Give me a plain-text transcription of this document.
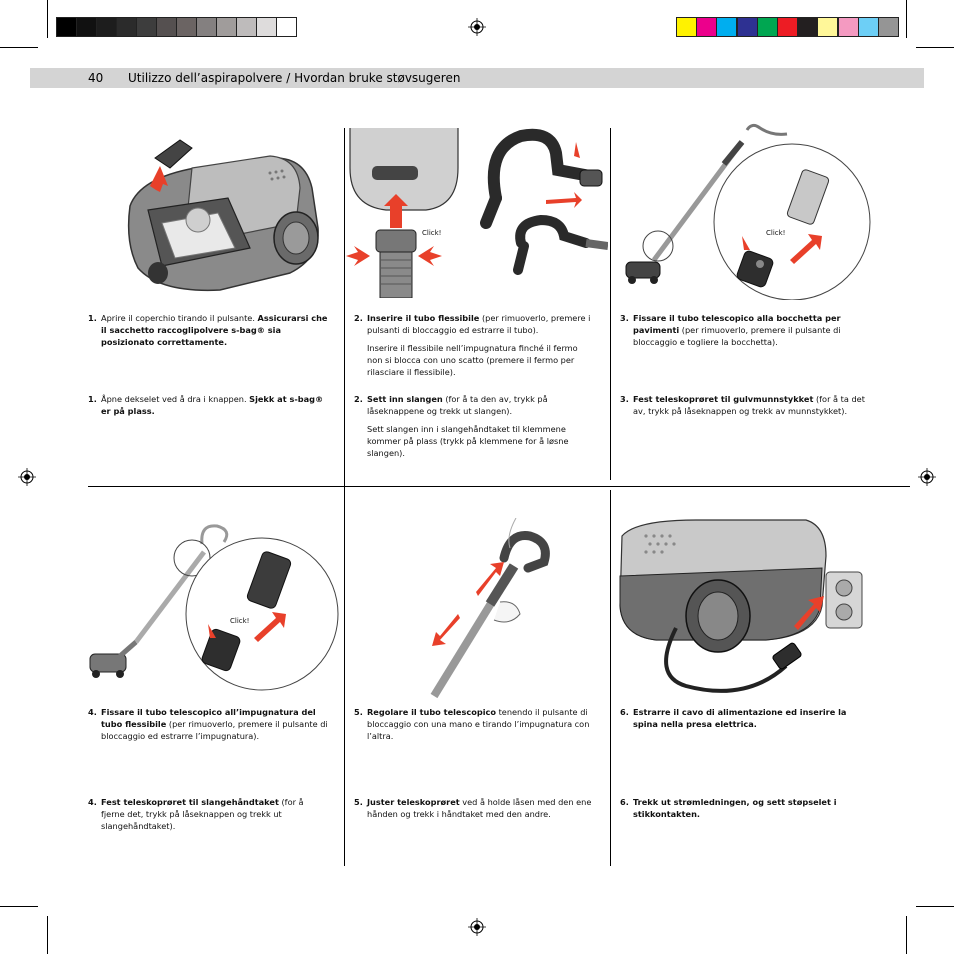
40 Utilizzo dell’aspirapolvere / Hvordan bruke støvsugeren
Click!	Click!
Click!
1. Aprire il coperchio tirando il pulsante. Assicurarsi che il sacchetto raccoglipolvere s-bag® sia posizionato correttamente.
1. Åpne dekselet ved å dra i knappen. Sjekk at s-bag® er på plass.
2. Inserire il tubo flessibile (per rimuoverlo, premere i pulsanti di bloccaggio ed estrarre il tubo).

Inserire il flessibile nell’impugnatura finché il fermo non si blocca con uno scatto (premere il fermo per rilasciare il flessibile).

2. Sett inn slangen (for å ta den av, trykk på låseknappene og trekk ut slangen).

Sett slangen inn i slangehåndtaket til klemmene kommer på plass (trykk på klemmene for å løsne slangen).

3. Fissare il tubo telescopico alla bocchetta per pavimenti (per rimuoverlo, premere il pulsante di bloccaggio e togliere la bocchetta).
3. Fest teleskoprøret til gulvmunnstykket (for å ta det av, trykk på låseknappen og trekk av munnstykket).
4. Fissare il tubo telescopico all’impugnatura del tubo flessibile (per rimuoverlo, premere il pulsante di bloccaggio ed estrarre l’impugnatura).
4. Fest teleskoprøret til slangehåndtaket (for å fjerne det, trykk på låseknappen og trekk ut slangehåndtaket).
5. Regolare il tubo telescopico tenendo il pulsante di bloccaggio con una mano e tirando l’impugnatura con l’altra.
5. Juster teleskoprøret ved å holde låsen med den ene hånden og trekk i håndtaket med den andre.
6. Estrarre il cavo di alimentazione ed inserire la spina nella presa elettrica.
6. Trekk ut strømledningen, og sett støpselet i stikkontakten.
